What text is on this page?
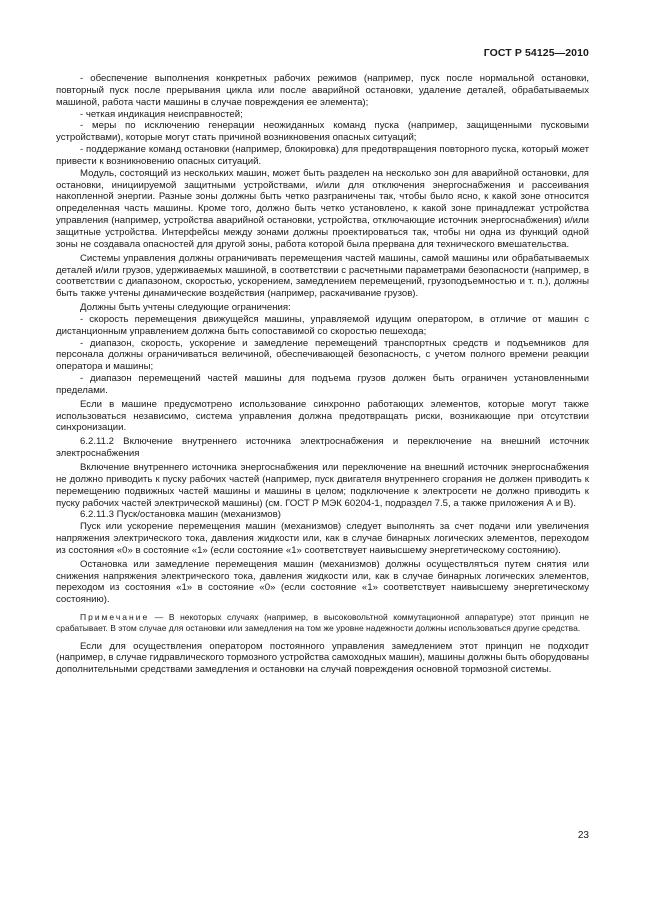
ГОСТ Р 54125—2010

- обеспечение выполнения конкретных рабочих режимов (например, пуск после нормальной остановки, повторный пуск после прерывания цикла или после аварийной остановки, удаление деталей, обрабатываемых машиной, работа части машины в случае повреждения ее элемента);

- четкая индикация неисправностей;

- меры по исключению генерации неожиданных команд пуска (например, защищенными пусковыми устройствами), которые могут стать причиной возникновения опасных ситуаций;

- поддержание команд остановки (например, блокировка) для предотвращения повторного пуска, который может привести к возникновению опасных ситуаций.

Модуль, состоящий из нескольких машин, может быть разделен на несколько зон для аварийной остановки, для остановки, инициируемой защитными устройствами, и/или для отключения энергоснабжения и рассеивания накопленной энергии. Разные зоны должны быть четко разграничены так, чтобы было ясно, к какой зоне относится определенная часть машины. Кроме того, должно быть четко установлено, к какой зоне принадлежат устройства управления (например, устройства аварийной остановки, устройства, отключающие источник энергоснабжения) и/или защитные устройства. Интерфейсы между зонами должны проектироваться так, чтобы ни одна из функций одной зоны не создавала опасностей для другой зоны, работа которой была прервана для технического вмешательства.

Системы управления должны ограничивать перемещения частей машины, самой машины или обрабатываемых деталей и/или грузов, удерживаемых машиной, в соответствии с расчетными параметрами безопасности (например, в соответствии с диапазоном, скоростью, ускорением, замедлением перемещений, грузоподъемностью и т. п.), должны быть также учтены динамические воздействия (например, раскачивание грузов).

Должны быть учтены следующие ограничения:

- скорость перемещения движущейся машины, управляемой идущим оператором, в отличие от машин с дистанционным управлением должна быть сопоставимой со скоростью пешехода;

- диапазон, скорость, ускорение и замедление перемещений транспортных средств и подъемников для персонала должны ограничиваться величиной, обеспечивающей безопасность, с учетом полного времени реакции оператора и машины;

- диапазон перемещений частей машины для подъема грузов должен быть ограничен установленными пределами.

Если в машине предусмотрено использование синхронно работающих элементов, которые могут также использоваться независимо, система управления должна предотвращать риски, возникающие при отсутствии синхронизации.

6.2.11.2 Включение внутреннего источника электроснабжения и переключение на внешний источник электроснабжения

Включение внутреннего источника энергоснабжения или переключение на внешний источник энергоснабжения не должно приводить к пуску рабочих частей (например, пуск двигателя внутреннего сгорания не должен приводить к перемещению подвижных частей машины и машины в целом; подключение к электросети не должно приводить к пуску рабочих частей электрической машины) (см. ГОСТ Р МЭК 60204-1, подраздел 7.5, а также приложения А и В).

6.2.11.3 Пуск/остановка машин (механизмов)

Пуск или ускорение перемещения машин (механизмов) следует выполнять за счет подачи или увеличения напряжения электрического тока, давления жидкости или, как в случае бинарных логических элементов, переходом из состояния «0» в состояние «1» (если состояние «1» соответствует наивысшему энергетическому состоянию).

Остановка или замедление перемещения машин (механизмов) должны осуществляться путем снятия или снижения напряжения электрического тока, давления жидкости или, как в случае бинарных логических элементов, переходом из состояния «1» в состояние «0» (если состояние «1» соответствует наивысшему энергетическому состоянию).

Примечание — В некоторых случаях (например, в высоковольтной коммутационной аппаратуре) этот принцип не срабатывает. В этом случае для остановки или замедления на том же уровне надежности должны использоваться другие средства.

Если для осуществления оператором постоянного управления замедлением этот принцип не подходит (например, в случае гидравлического тормозного устройства самоходных машин), машины должны быть оборудованы дополнительными средствами замедления и остановки на случай повреждения основной тормозной системы.

23
